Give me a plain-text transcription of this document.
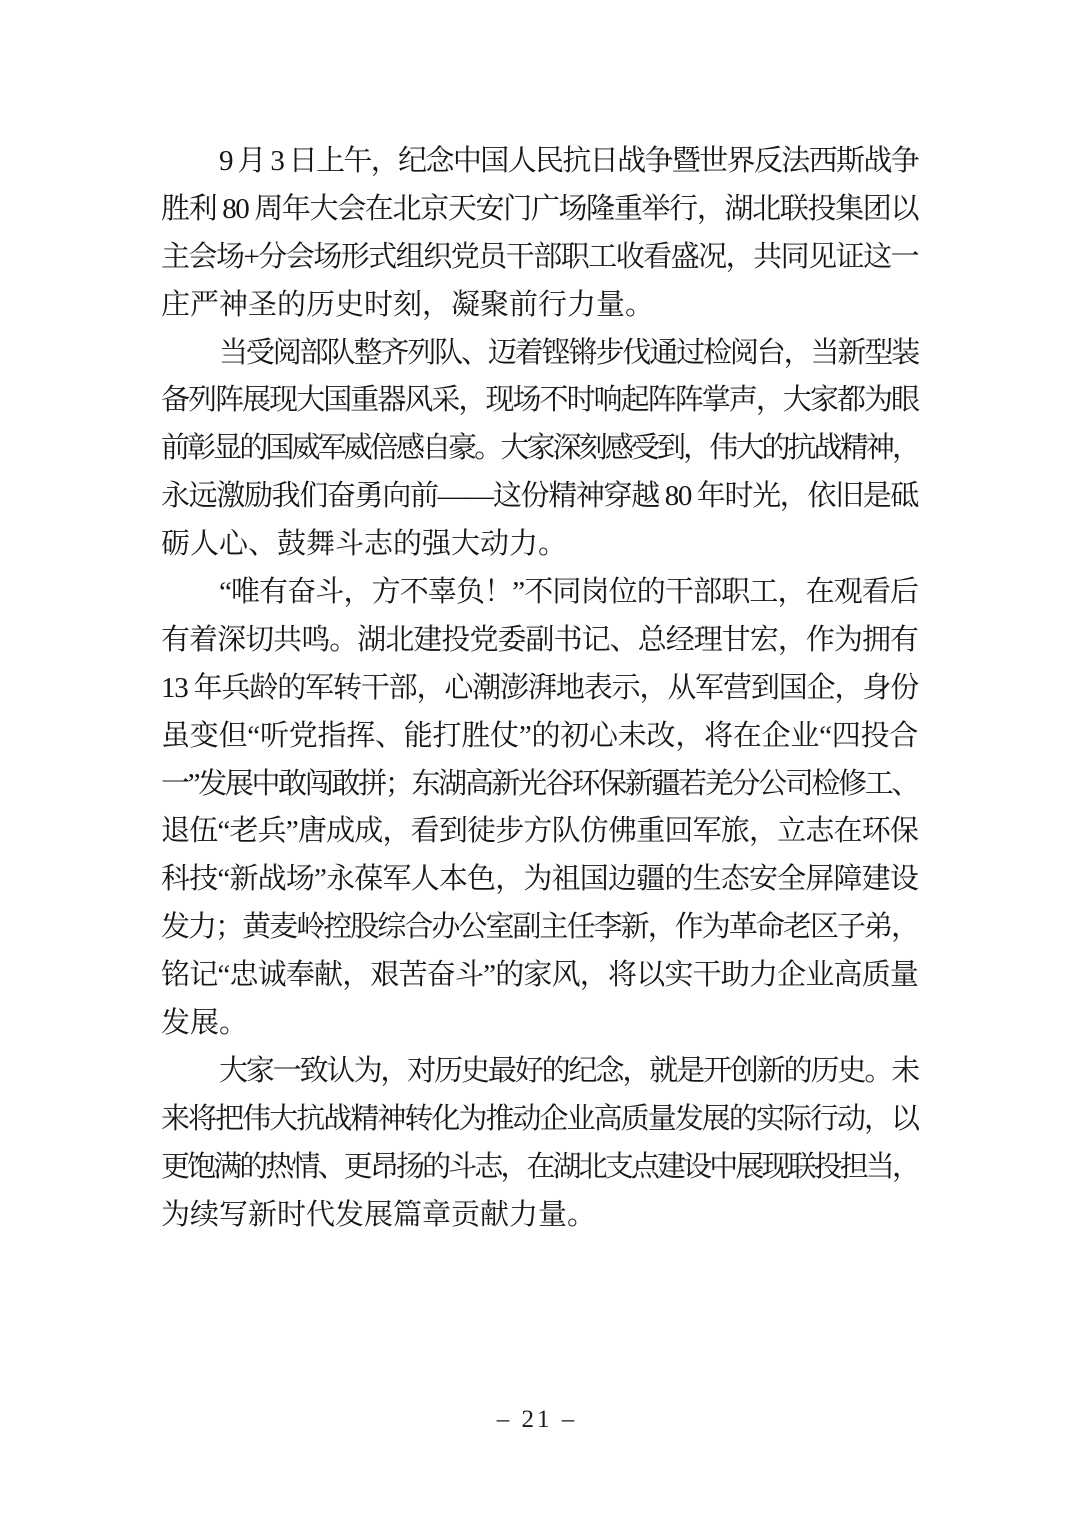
9 月 3 日上午，纪念中国人民抗日战争暨世界反法西斯战争
胜利 80 周年大会在北京天安门广场隆重举行，湖北联投集团以
主会场+分会场形式组织党员干部职工收看盛况，共同见证这一
庄严神圣的历史时刻，凝聚前行力量。
当受阅部队整齐列队、迈着铿锵步伐通过检阅台，当新型装
备列阵展现大国重器风采，现场不时响起阵阵掌声，大家都为眼
前彰显的国威军威倍感自豪。大家深刻感受到，伟大的抗战精神，
永远激励我们奋勇向前——这份精神穿越 80 年时光，依旧是砥
砺人心、鼓舞斗志的强大动力。
“唯有奋斗，方不辜负！”不同岗位的干部职工，在观看后
有着深切共鸣。湖北建投党委副书记、总经理甘宏，作为拥有
13 年兵龄的军转干部，心潮澎湃地表示，从军营到国企，身份
虽变但“听党指挥、能打胜仗”的初心未改，将在企业“四投合
一”发展中敢闯敢拼；东湖高新光谷环保新疆若羌分公司检修工、
退伍“老兵”唐成成，看到徒步方队仿佛重回军旅，立志在环保
科技“新战场”永葆军人本色，为祖国边疆的生态安全屏障建设
发力；黄麦岭控股综合办公室副主任李新，作为革命老区子弟，
铭记“忠诚奉献，艰苦奋斗”的家风，将以实干助力企业高质量
发展。
大家一致认为，对历史最好的纪念，就是开创新的历史。未
来将把伟大抗战精神转化为推动企业高质量发展的实际行动，以
更饱满的热情、更昂扬的斗志，在湖北支点建设中展现联投担当，
为续写新时代发展篇章贡献力量。
– 21 –
